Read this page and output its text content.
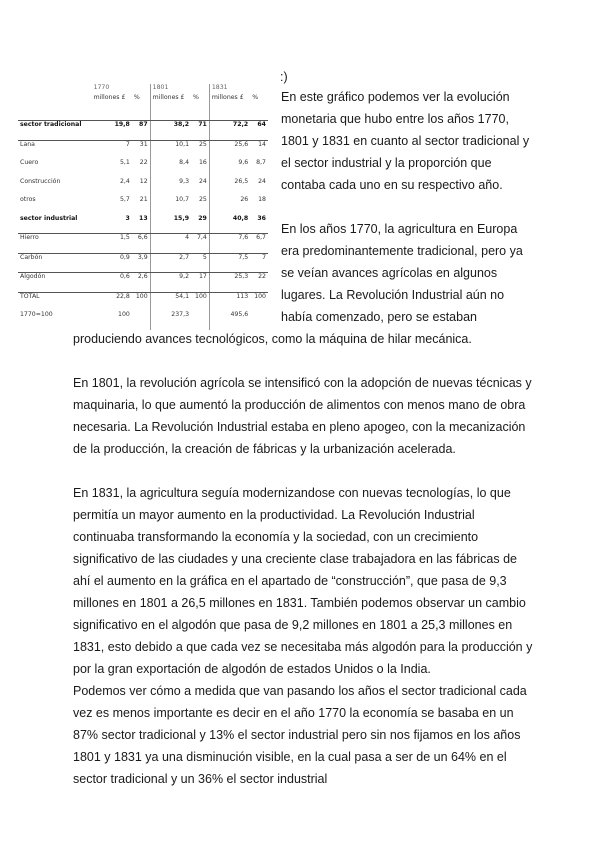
	1770		1801		1831	
	millones £	%	millones £	%	millones £	%
sector tradicional	19,8	87	38,2	71	72,2	64
Lana	7	31	10,1	25	25,6	14
Cuero	5,1	22	8,4	16	9,6	8,7
Construcción	2,4	12	9,3	24	26,5	24
otros	5,7	21	10,7	25	26	18
sector industrial	3	13	15,9	29	40,8	36
Hierro	1,5	6,6	4	7,4	7,6	6,7
Carbón	0,9	3,9	2,7	5	7,5	7
Algodón	0,6	2,6	9,2	17	25,3	22
TOTAL	22,8	100	54,1	100	113	100
1770=100	100		237,3		495,6	
:)

En este gráfico podemos ver la evolución

monetaria que hubo entre los años 1770,

1801 y 1831 en cuanto al sector tradicional y

el sector industrial y la proporción que

contaba cada uno en su respectivo año.

En los años 1770, la agricultura en Europa

era predominantemente tradicional, pero ya

se veían avances agrícolas en algunos

lugares. La Revolución Industrial aún no

había comenzado, pero se estaban

produciendo avances tecnológicos, como la máquina de hilar mecánica.

En 1801, la revolución agrícola se intensificó con la adopción de nuevas técnicas y maquinaria, lo que aumentó la producción de alimentos con menos mano de obra necesaria. La Revolución Industrial estaba en pleno apogeo, con la mecanización de la producción, la creación de fábricas y la urbanización acelerada.

En 1831, la agricultura seguía modernizandose con nuevas tecnologías, lo que permitía un mayor aumento en la productividad. La Revolución Industrial continuaba transformando la economía y la sociedad, con un crecimiento significativo de las ciudades y una creciente clase trabajadora en las fábricas de ahí el aumento en la gráfica en el apartado de “construcción”, que pasa de 9,3 millones en 1801 a 26,5 millones en 1831. También podemos observar un cambio significativo en el algodón que pasa de 9,2 millones en 1801 a 25,3 millones en 1831, esto debido a que cada vez se necesitaba más algodón para la producción y por la gran exportación de algodón de estados Unidos o la India.

Podemos ver cómo a medida que van pasando los años el sector tradicional cada vez es menos importante es decir en el año 1770 la economía se basaba en un 87% sector tradicional y 13% el sector industrial pero sin nos fijamos en los años 1801 y 1831 ya una disminución visible, en la cual pasa a ser de un 64% en el sector tradicional y un 36% el sector industrial
